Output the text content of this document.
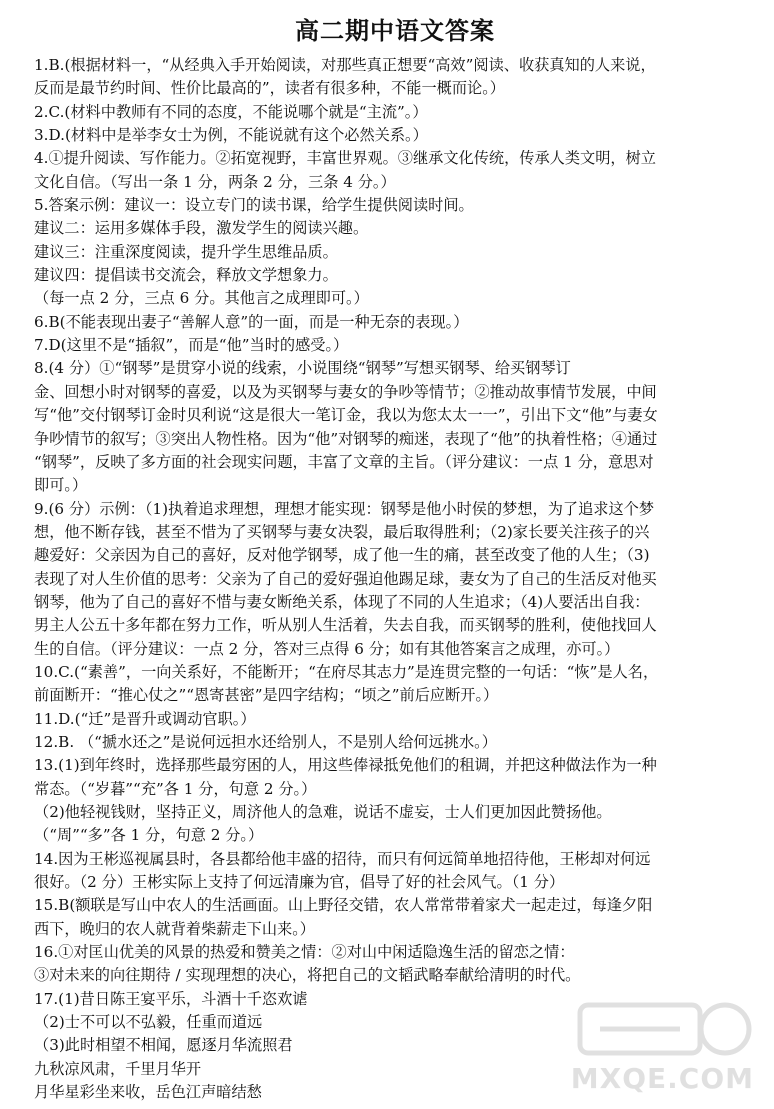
高二期中语文答案
1.B.(根据材料一，“从经典入手开始阅读，对那些真正想要“高效”阅读、收获真知的人来说，
反而是最节约时间、性价比最高的”，读者有很多种，不能一概而论。）
2.C.(材料中教师有不同的态度，不能说哪个就是“主流”。）
3.D.(材料中是举李女士为例，不能说就有这个必然关系。）
4.①提升阅读、写作能力。②拓宽视野，丰富世界观。③继承文化传统，传承人类文明，树立
文化自信。（写出一条 1 分，两条 2 分，三条 4 分。）
5.答案示例：建议一：设立专门的读书课，给学生提供阅读时间。
建议二：运用多媒体手段，激发学生的阅读兴趣。
建议三：注重深度阅读，提升学生思维品质。
建议四：提倡读书交流会，释放文学想象力。
（每一点 2 分，三点 6 分。其他言之成理即可。）
6.B(不能表现出妻子“善解人意”的一面，而是一种无奈的表现。）
7.D(这里不是“插叙”，而是“他”当时的感受。）
8.(4 分）①“钢琴”是贯穿小说的线索，小说围绕“钢琴”写想买钢琴、给买钢琴订
金、回想小时对钢琴的喜爱，以及为买钢琴与妻女的争吵等情节；②推动故事情节发展，中间
写“他”交付钢琴订金时贝利说“这是很大一笔订金，我以为您太太一一”，引出下文“他”与妻女
争吵情节的叙写；③突出人物性格。因为“他”对钢琴的痴迷，表现了“他”的执着性格；④通过
“钢琴”，反映了多方面的社会现实问题，丰富了文章的主旨。（评分建议：一点 1 分，意思对
即可。）
9.(6 分）示例：（1)执着追求理想，理想才能实现：钢琴是他小时侯的梦想，为了追求这个梦
想，他不断存钱，甚至不惜为了买钢琴与妻女决裂，最后取得胜利；（2)家长要关注孩子的兴
趣爱好：父亲因为自己的喜好，反对他学钢琴，成了他一生的痛，甚至改变了他的人生；（3)
表现了对人生价值的思考：父亲为了自己的爱好强迫他踢足球，妻女为了自己的生活反对他买
钢琴，他为了自己的喜好不惜与妻女断绝关系，体现了不同的人生追求；（4)人要活出自我：
男主人公五十多年都在努力工作，听从别人生活着，失去自我，而买钢琴的胜利，使他找回人
生的自信。（评分建议：一点 2 分，答对三点得 6 分；如有其他答案言之成理，亦可。）
10.C.(“素善”，一向关系好，不能断开；“在府尽其志力”是连贯完整的一句话：“恢”是人名，
前面断开：“推心仗之”“恩寄甚密”是四字结构；“顷之”前后应断开。）
11.D.(“迁”是晋升或调动官职。）
12.B. （“搋水还之”是说何远担水还给别人，不是别人给何远挑水。）
13.(1)到年终时，选择那些最穷困的人，用这些俸禄抵免他们的租调，并把这种做法作为一种
常态。（“岁暮”“充”各 1 分，句意 2 分。）
（2)他轻视钱财，坚持正义，周济他人的急难，说话不虚妄，士人们更加因此赞扬他。
（“周”“多”各 1 分，句意 2 分。）
14.因为王彬巡视属县时，各县都给他丰盛的招待，而只有何远简单地招待他，王彬却对何远
很好。（2 分）王彬实际上支持了何远清廉为官，倡导了好的社会风气。（1 分）
15.B(额联是写山中农人的生活画面。山上野径交错，农人常常带着家犬一起走过，每逢夕阳
西下，晚归的农人就背着柴薪走下山来。）
16.①对匡山优美的风景的热爱和赞美之情：②对山中闲适隐逸生活的留恋之情：
③对未来的向往期待 / 实现理想的决心，将把自己的文韬武略奉献给清明的时代。
17.(1)昔日陈王宴平乐，斗酒十千恣欢谑
（2)士不可以不弘毅，任重而道远
（3)此时相望不相闻，愿逐月华流照君
九秋凉风肃，千里月华开
月华星彩坐来收，岳色江声暗结愁	MXQE.COM
